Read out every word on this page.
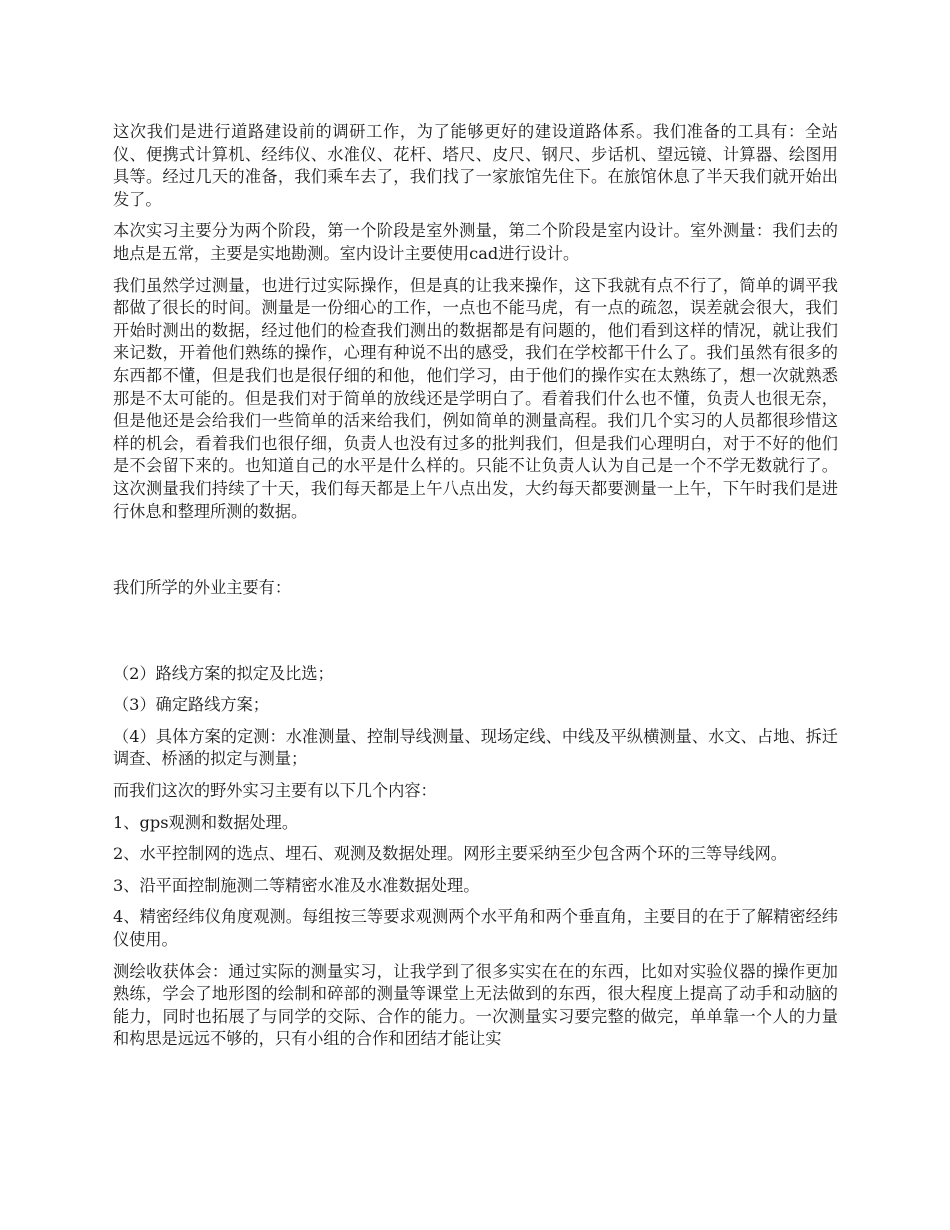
这次我们是进行道路建设前的调研工作，为了能够更好的建设道路体系。我们准备的工具有：全站仪、便携式计算机、经纬仪、水准仪、花杆、塔尺、皮尺、钢尺、步话机、望远镜、计算器、绘图用具等。经过几天的准备，我们乘车去了，我们找了一家旅馆先住下。在旅馆休息了半天我们就开始出发了。

本次实习主要分为两个阶段，第一个阶段是室外测量，第二个阶段是室内设计。室外测量：我们去的地点是五常，主要是实地勘测。室内设计主要使用cad进行设计。

我们虽然学过测量，也进行过实际操作，但是真的让我来操作，这下我就有点不行了，简单的调平我都做了很长的时间。测量是一份细心的工作，一点也不能马虎，有一点的疏忽，误差就会很大，我们开始时测出的数据，经过他们的检查我们测出的数据都是有问题的，他们看到这样的情况，就让我们来记数，开着他们熟练的操作，心理有种说不出的感受，我们在学校都干什么了。我们虽然有很多的东西都不懂，但是我们也是很仔细的和他，他们学习，由于他们的操作实在太熟练了，想一次就熟悉那是不太可能的。但是我们对于简单的放线还是学明白了。看着我们什么也不懂，负责人也很无奈，但是他还是会给我们一些简单的活来给我们，例如简单的测量高程。我们几个实习的人员都很珍惜这样的机会，看着我们也很仔细，负责人也没有过多的批判我们，但是我们心理明白，对于不好的他们是不会留下来的。也知道自己的水平是什么样的。只能不让负责人认为自己是一个不学无数就行了。这次测量我们持续了十天，我们每天都是上午八点出发，大约每天都要测量一上午，下午时我们是进行休息和整理所测的数据。

我们所学的外业主要有：

（2）路线方案的拟定及比选；

（3）确定路线方案；

（4）具体方案的定测：水准测量、控制导线测量、现场定线、中线及平纵横测量、水文、占地、拆迁调查、桥涵的拟定与测量；

而我们这次的野外实习主要有以下几个内容：

1、gps观测和数据处理。

2、水平控制网的选点、埋石、观测及数据处理。网形主要采纳至少包含两个环的三等导线网。

3、沿平面控制施测二等精密水准及水准数据处理。

4、精密经纬仪角度观测。每组按三等要求观测两个水平角和两个垂直角，主要目的在于了解精密经纬仪使用。

测绘收获体会：通过实际的测量实习，让我学到了很多实实在在的东西，比如对实验仪器的操作更加熟练，学会了地形图的绘制和碎部的测量等课堂上无法做到的东西，很大程度上提高了动手和动脑的能力，同时也拓展了与同学的交际、合作的能力。一次测量实习要完整的做完，单单靠一个人的力量和构思是远远不够的，只有小组的合作和团结才能让实
